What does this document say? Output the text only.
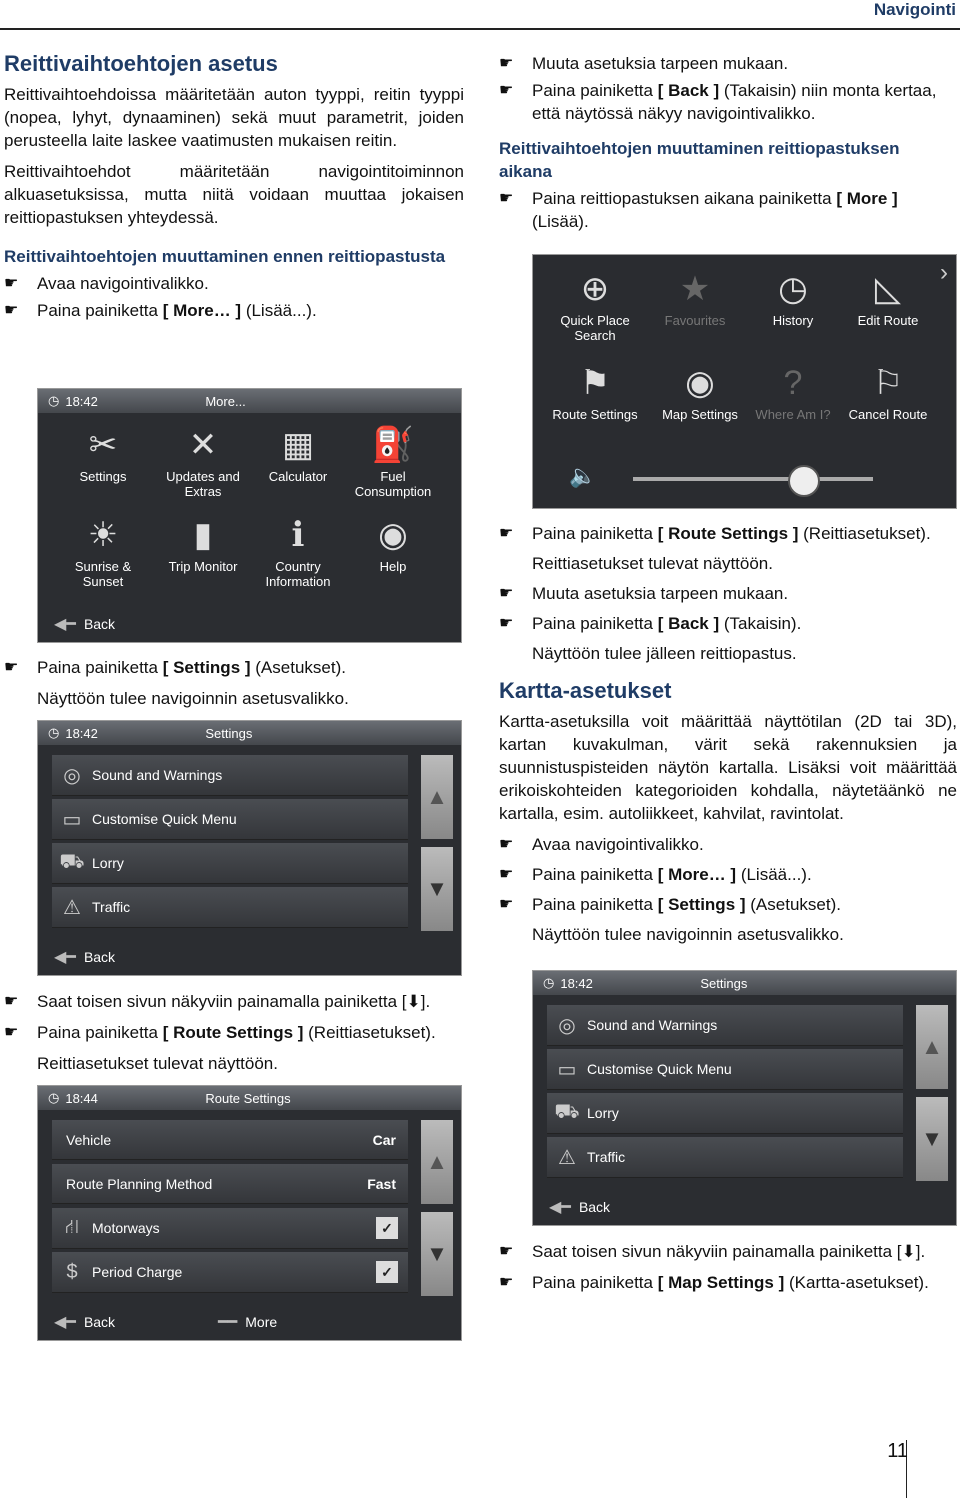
Navigointi
Reittivaihtoehtojen asetus
Reittivaihtoehdoissa määritetään auton tyyppi, reitin tyyppi (nopea, lyhyt, dynaaminen) sekä muut parametrit, joiden perusteella laite laskee vaatimusten mukaisen reitin.
Reittivaihtoehdot määritetään navigointitoiminnon alkuasetuksissa, mutta niitä voidaan muuttaa jokaisen reittiopastuksen yhteydessä.
Reittivaihtoehtojen muuttaminen ennen reittiopastusta
☛ Avaa navigointivalikko.
☛ Paina painiketta [ More… ] (Lisää...).
◷ 18:42	More...
✂
Settings
✕
Updates and Extras
▦
Calculator
⛽
Fuel Consumption
☀
Sunrise & Sunset
▮
Trip Monitor
ℹ
Country Information
◉
Help
◀━ Back
☛ Paina painiketta [ Settings ] (Asetukset).
Näyttöön tulee navigoinnin asetusvalikko.
◷ 18:42	Settings
◎ Sound and Warnings
▭ Customise Quick Menu
⛟ Lorry
⚠ Traffic
▲
▼
◀━ Back
☛ Saat toisen sivun näkyviin painamalla painiketta [⬇].
☛ Paina painiketta [ Route Settings ] (Reittiasetukset).
Reittiasetukset tulevat näyttöön.
◷ 18:44	Route Settings
Vehicle	Car
Route Planning Method	Fast
⛙ Motorways	✓
$	Period Charge	✓
▲
▼
◀━ Back	━━ More
☛ Muuta asetuksia tarpeen mukaan.
☛ Paina painiketta [ Back ] (Takaisin) niin monta kertaa, että näytössä näkyy navigointivalikko.
Reittivaihtoehtojen muuttaminen reittiopastuksen aikana
☛ Paina reittiopastuksen aikana painiketta [ More ] (Lisää).
›
⊕
Quick Place Search
★
Favourites
◷
History
◺
Edit Route
⚑
Route Settings
◉
Map Settings
?
Where Am I?
⚐
Cancel Route
🔈
☛ Paina painiketta [ Route Settings ] (Reittiasetukset).
Reittiasetukset tulevat näyttöön.
☛ Muuta asetuksia tarpeen mukaan.
☛ Paina painiketta [ Back ] (Takaisin).
Näyttöön tulee jälleen reittiopastus.
Kartta-asetukset
Kartta-asetuksilla voit määrittää näyttötilan (2D tai 3D), kartan kuvakulman, värit sekä rakennuksien ja suunnistuspisteiden näytön kartalla. Lisäksi voit määrittää erikoiskohteiden kategorioiden kohdalla, näytetäänkö ne kartalla, esim. autoliikkeet, kahvilat, ravintolat.
☛ Avaa navigointivalikko.
☛ Paina painiketta [ More… ] (Lisää...).
☛ Paina painiketta [ Settings ] (Asetukset).
Näyttöön tulee navigoinnin asetusvalikko.
◷ 18:42	Settings
◎ Sound and Warnings
▭ Customise Quick Menu
⛟ Lorry
⚠ Traffic
▲
▼
◀━ Back
☛ Saat toisen sivun näkyviin painamalla painiketta [⬇].
☛ Paina painiketta [ Map Settings ] (Kartta-asetukset).
11
